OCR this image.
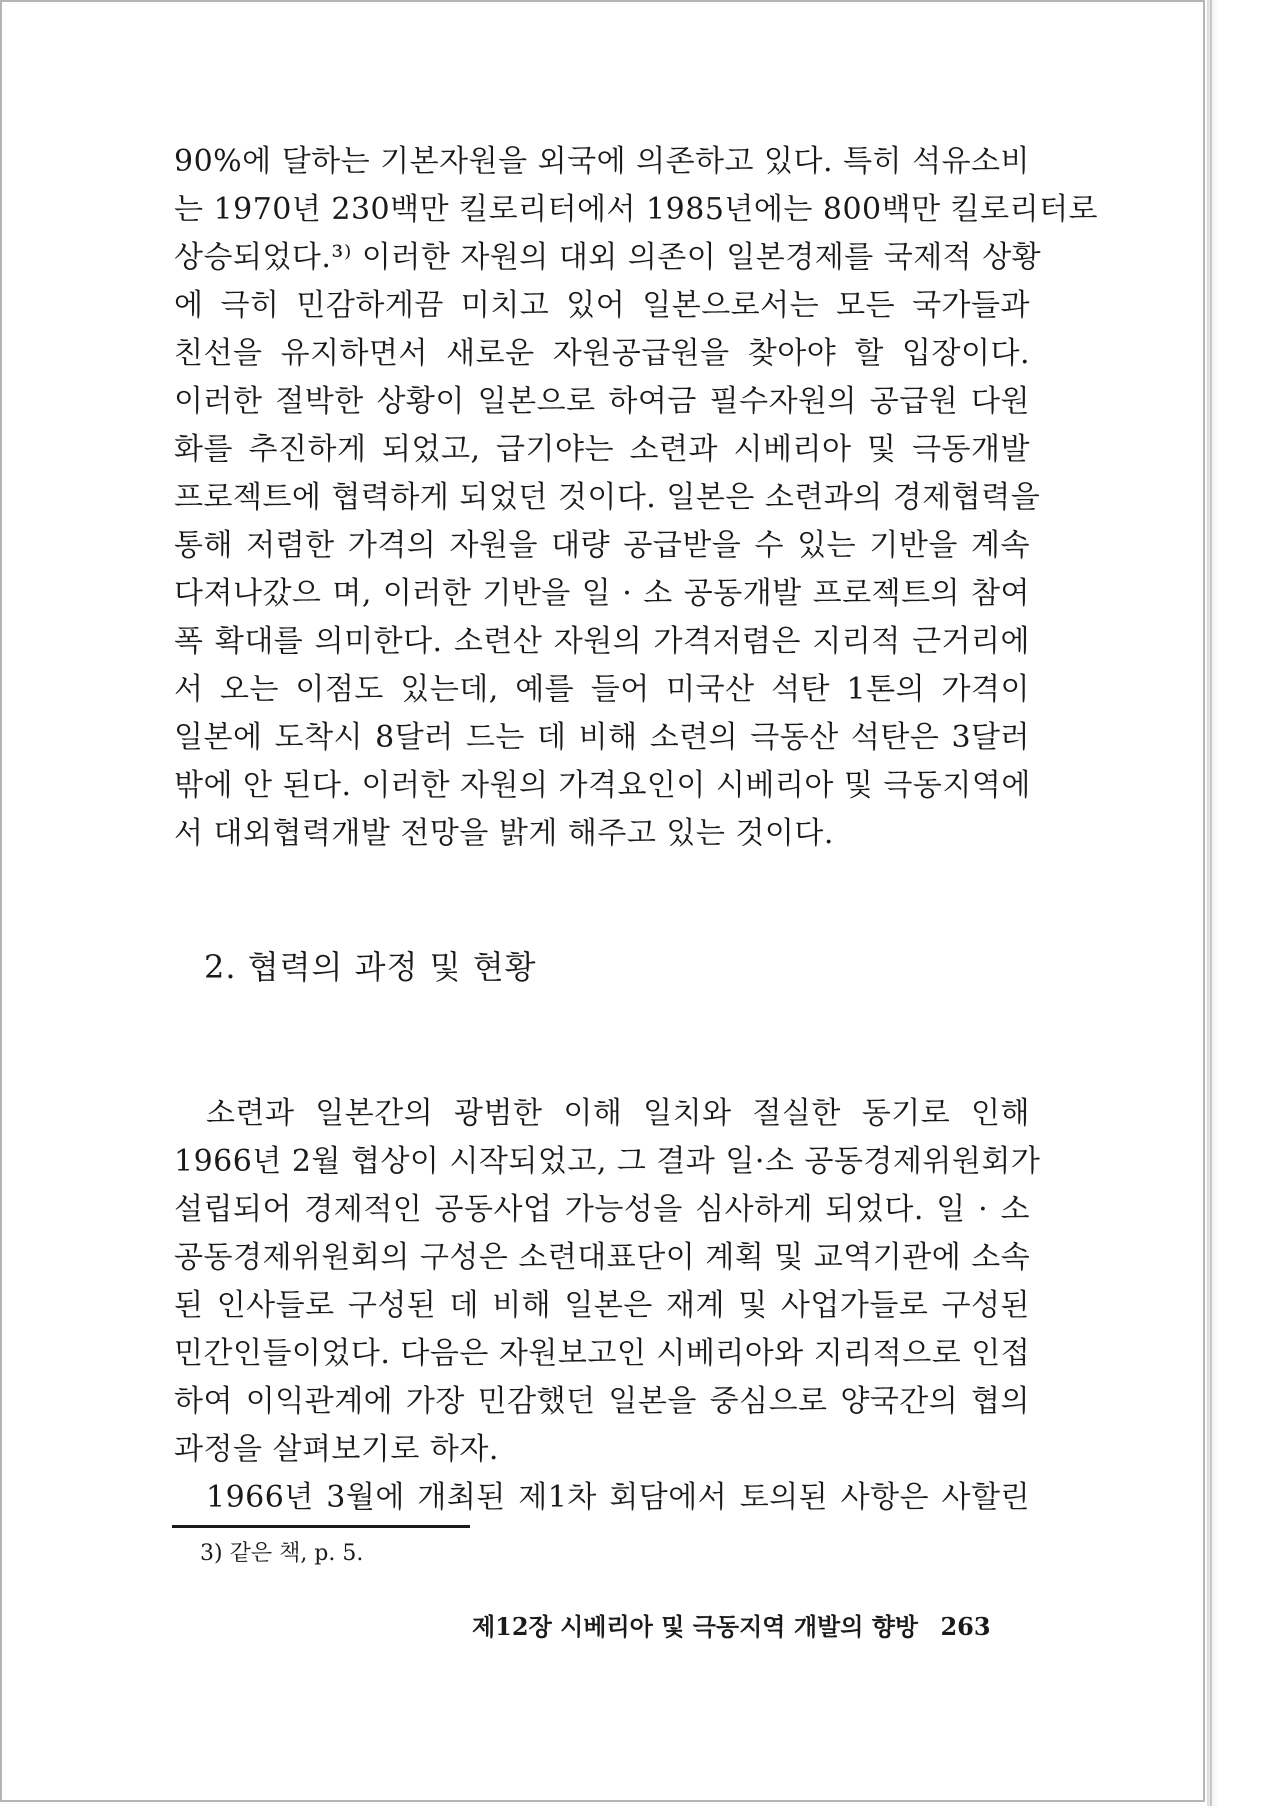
90%에 달하는 기본자원을 외국에 의존하고 있다. 특히 석유소비
는 1970년 230백만 킬로리터에서 1985년에는 800백만 킬로리터로
상승되었다.³⁾ 이러한 자원의 대외 의존이 일본경제를 국제적 상황
에 극히 민감하게끔 미치고 있어 일본으로서는 모든 국가들과
친선을 유지하면서 새로운 자원공급원을 찾아야 할 입장이다.
이러한 절박한 상황이 일본으로 하여금 필수자원의 공급원 다원
화를 추진하게 되었고, 급기야는 소련과 시베리아 및 극동개발
프로젝트에 협력하게 되었던 것이다. 일본은 소련과의 경제협력을
통해 저렴한 가격의 자원을 대량 공급받을 수 있는 기반을 계속
다져나갔으 며, 이러한 기반을 일 · 소 공동개발 프로젝트의 참여
폭 확대를 의미한다. 소련산 자원의 가격저렴은 지리적 근거리에
서 오는 이점도 있는데, 예를 들어 미국산 석탄 1톤의 가격이
일본에 도착시 8달러 드는 데 비해 소련의 극동산 석탄은 3달러
밖에 안 된다. 이러한 자원의 가격요인이 시베리아 및 극동지역에
서 대외협력개발 전망을 밝게 해주고 있는 것이다.
2. 협력의 과정 및 현황
소련과 일본간의 광범한 이해 일치와 절실한 동기로 인해
1966년 2월 협상이 시작되었고, 그 결과 일·소 공동경제위원회가
설립되어 경제적인 공동사업 가능성을 심사하게 되었다. 일 · 소
공동경제위원회의 구성은 소련대표단이 계획 및 교역기관에 소속
된 인사들로 구성된 데 비해 일본은 재계 및 사업가들로 구성된
민간인들이었다. 다음은 자원보고인 시베리아와 지리적으로 인접
하여 이익관계에 가장 민감했던 일본을 중심으로 양국간의 협의
과정을 살펴보기로 하자.
1966년 3월에 개최된 제1차 회담에서 토의된 사항은 사할린
3) 같은 책, p. 5.
제12장 시베리아 및 극동지역 개발의 향방 263
